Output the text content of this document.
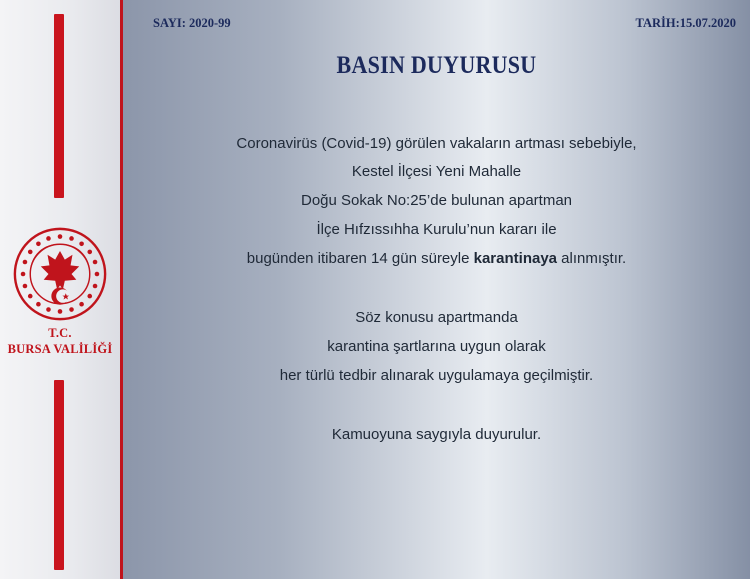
T.C.
BURSA VALİLİĞİ
SAYI: 2020-99	TARİH:15.07.2020
BASIN DUYURUSU
Coronavirüs (Covid-19) görülen vakaların artması sebebiyle,
Kestel İlçesi Yeni Mahalle
Doğu Sokak No:25’de bulunan apartman
İlçe Hıfzıssıhha Kurulu’nun kararı ile
bugünden itibaren 14 gün süreyle karantinaya alınmıştır.
Söz konusu apartmanda
karantina şartlarına uygun olarak
her türlü tedbir alınarak uygulamaya geçilmiştir.
Kamuoyuna saygıyla duyurulur.
